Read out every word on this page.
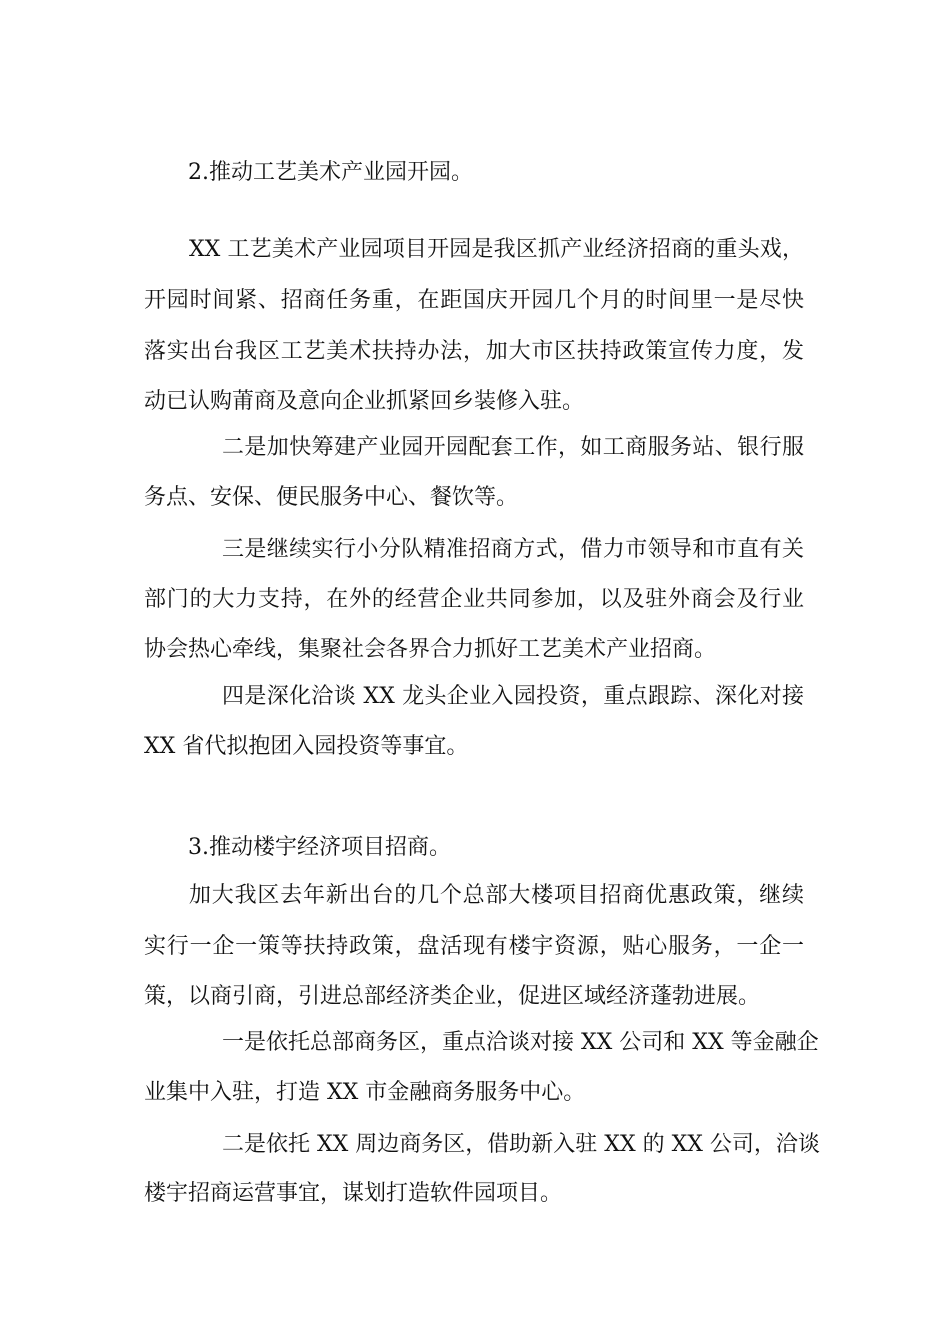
2.推动工艺美术产业园开园。
XX 工艺美术产业园项目开园是我区抓产业经济招商的重头戏，
开园时间紧、招商任务重，在距国庆开园几个月的时间里一是尽快
落实出台我区工艺美术扶持办法，加大市区扶持政策宣传力度，发
动已认购莆商及意向企业抓紧回乡装修入驻。
二是加快筹建产业园开园配套工作，如工商服务站、银行服
务点、安保、便民服务中心、餐饮等。
三是继续实行小分队精准招商方式，借力市领导和市直有关
部门的大力支持，在外的经营企业共同参加，以及驻外商会及行业
协会热心牵线，集聚社会各界合力抓好工艺美术产业招商。
四是深化洽谈 XX 龙头企业入园投资，重点跟踪、深化对接
XX 省代拟抱团入园投资等事宜。
3.推动楼宇经济项目招商。
加大我区去年新出台的几个总部大楼项目招商优惠政策，继续
实行一企一策等扶持政策，盘活现有楼宇资源，贴心服务，一企一
策，以商引商，引进总部经济类企业，促进区域经济蓬勃进展。
一是依托总部商务区，重点洽谈对接 XX 公司和 XX 等金融企
业集中入驻，打造 XX 市金融商务服务中心。
二是依托 XX 周边商务区，借助新入驻 XX 的 XX 公司，洽谈
楼宇招商运营事宜，谋划打造软件园项目。
